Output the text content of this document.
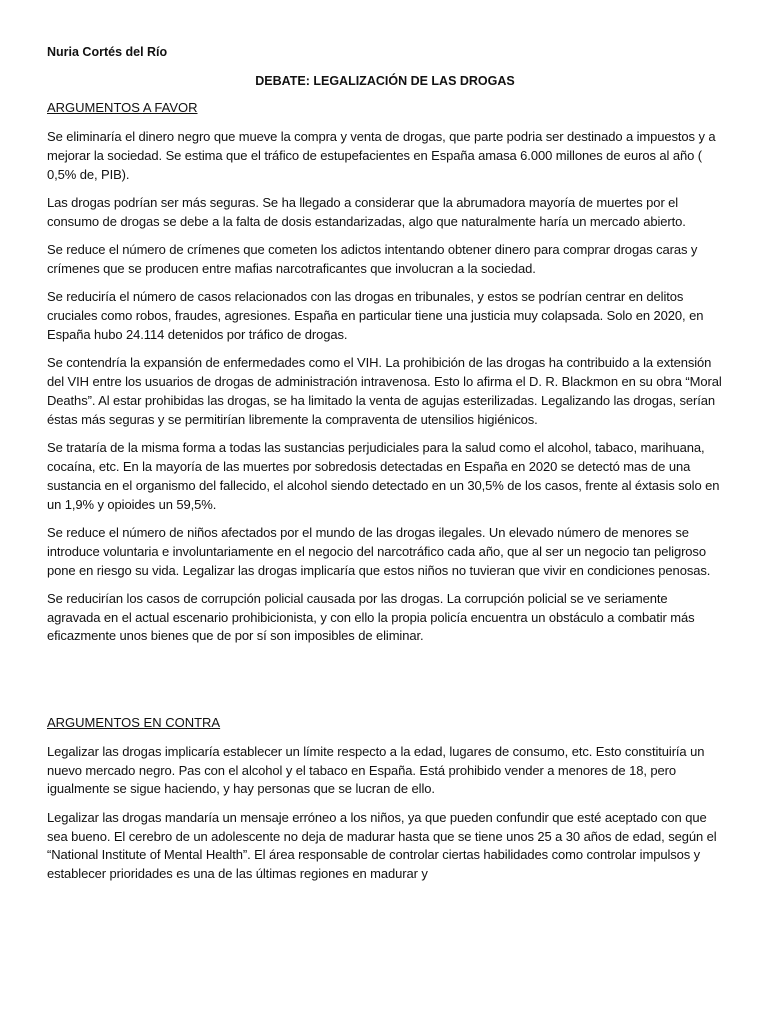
Nuria Cortés del Río
DEBATE: LEGALIZACIÓN DE LAS DROGAS
ARGUMENTOS A FAVOR

Se eliminaría el dinero negro que mueve la compra y venta de drogas, que parte podria ser destinado a impuestos y a mejorar la sociedad. Se estima que el tráfico de estupefacientes en España amasa 6.000 millones de euros al año ( 0,5% de, PIB).

Las drogas podrían ser más seguras. Se ha llegado a considerar que la abrumadora mayoría de muertes por el consumo de drogas se debe a la falta de dosis estandarizadas, algo que naturalmente haría un mercado abierto.

Se reduce el número de crímenes que cometen los adictos intentando obtener dinero para comprar drogas caras y crímenes que se producen entre mafias narcotraficantes que involucran a la sociedad.

Se reduciría el número de casos relacionados con las drogas en tribunales, y estos se podrían centrar en delitos cruciales como robos, fraudes, agresiones. España en particular tiene una justicia muy colapsada. Solo en 2020, en España hubo 24.114 detenidos por tráfico de drogas.

Se contendría la expansión de enfermedades como el VIH. La prohibición de las drogas ha contribuido a la extensión del VIH entre los usuarios de drogas de administración intravenosa. Esto lo afirma el D. R. Blackmon en su obra “Moral Deaths”. Al estar prohibidas las drogas, se ha limitado la venta de agujas esterilizadas. Legalizando las drogas, serían éstas más seguras y se permitirían libremente la compraventa de utensilios higiénicos.

Se trataría de la misma forma a todas las sustancias perjudiciales para la salud como el alcohol, tabaco, marihuana, cocaína, etc. En la mayoría de las muertes por sobredosis detectadas en España en 2020 se detectó mas de una sustancia en el organismo del fallecido, el alcohol siendo detectado en un 30,5% de los casos, frente al éxtasis solo en un 1,9% y opioides un 59,5%.

Se reduce el número de niños afectados por el mundo de las drogas ilegales. Un elevado número de menores se introduce voluntaria e involuntariamente en el negocio del narcotráfico cada año, que al ser un negocio tan peligroso pone en riesgo su vida. Legalizar las drogas implicaría que estos niños no tuvieran que vivir en condiciones penosas.

Se reducirían los casos de corrupción policial causada por las drogas. La corrupción policial se ve seriamente agravada en el actual escenario prohibicionista, y con ello la propia policía encuentra un obstáculo a combatir más eficazmente unos bienes que de por sí son imposibles de eliminar.

ARGUMENTOS EN CONTRA

Legalizar las drogas implicaría establecer un límite respecto a la edad, lugares de consumo, etc. Esto constituiría un nuevo mercado negro. Pas con el alcohol y el tabaco en España. Está prohibido vender a menores de 18, pero igualmente se sigue haciendo, y hay personas que se lucran de ello.

Legalizar las drogas mandaría un mensaje erróneo a los niños, ya que pueden confundir que esté aceptado con que sea bueno. El cerebro de un adolescente no deja de madurar hasta que se tiene unos 25 a 30 años de edad, según el “National Institute of Mental Health”. El área responsable de controlar ciertas habilidades como controlar impulsos y establecer prioridades es una de las últimas regiones en madurar y
